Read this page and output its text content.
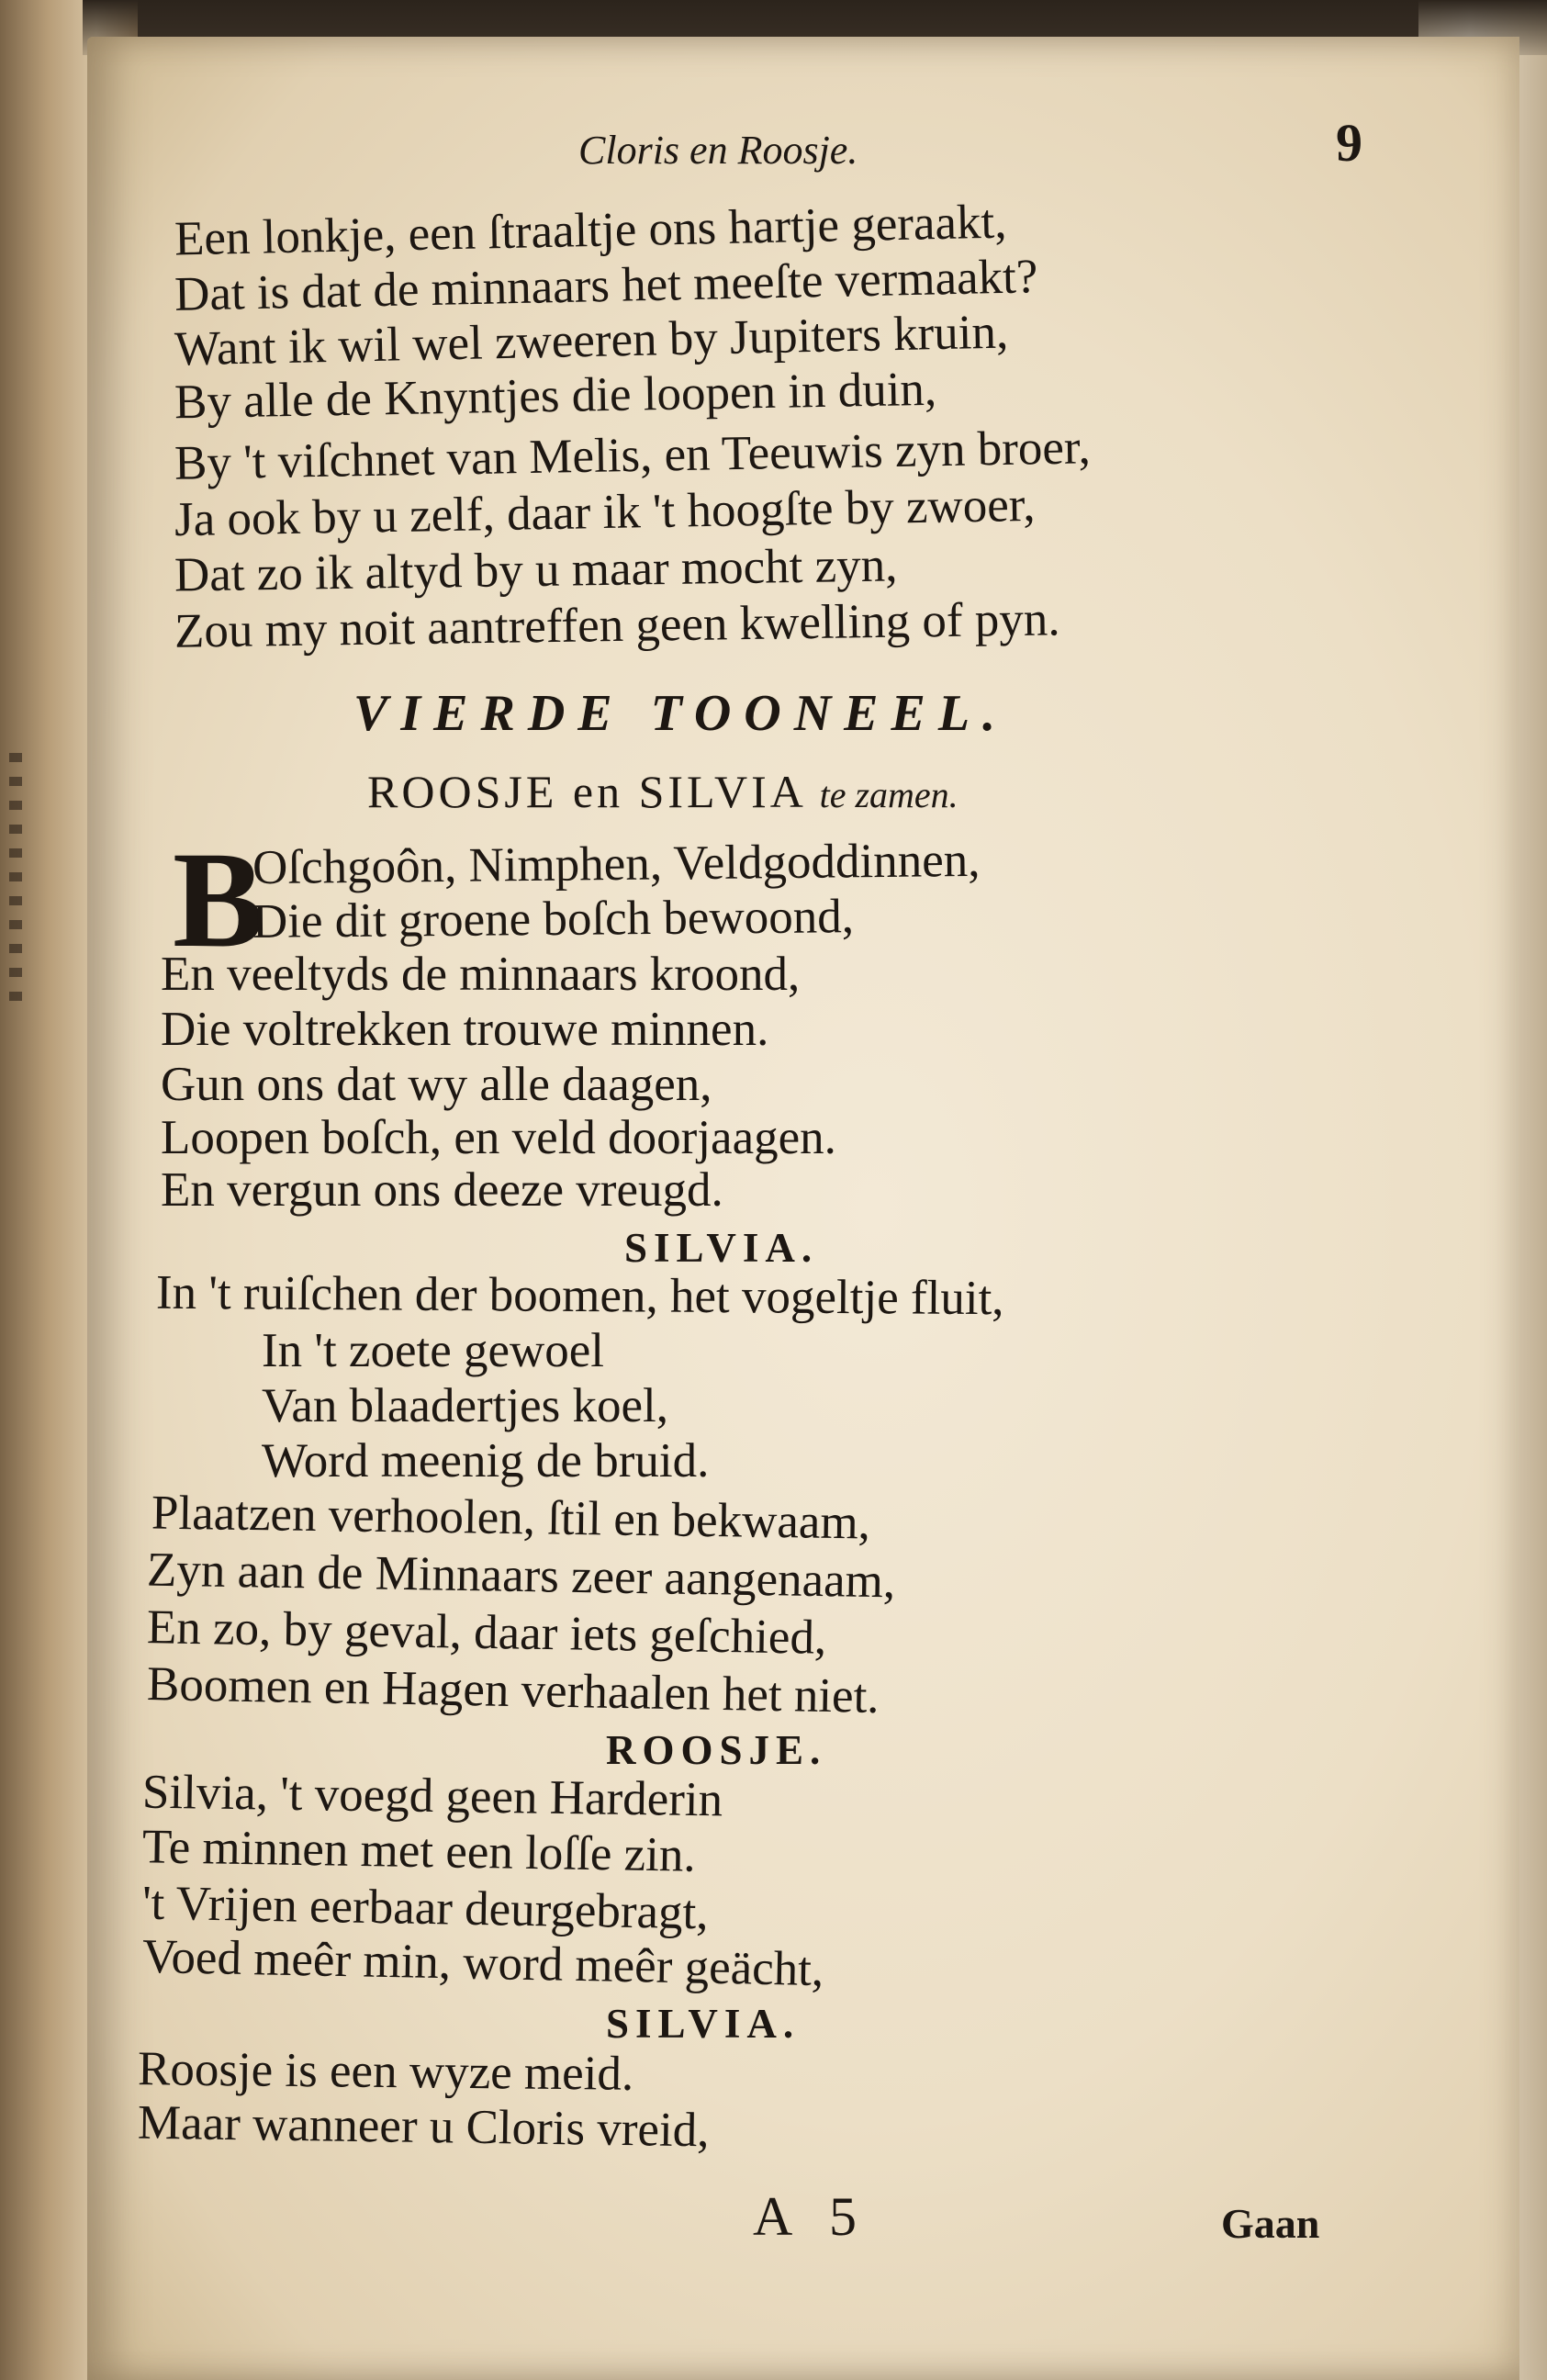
Cloris en Roosje.	9
Een lonkje, een ſtraaltje ons hartje geraakt,
Dat is dat de minnaars het meeſte vermaakt?
Want ik wil wel zweeren by Jupiters kruin,
By alle de Knyntjes die loopen in duin,
By 't viſchnet van Melis, en Teeuwis zyn broer,
Ja ook by u zelf, daar ik 't hoogſte by zwoer,
Dat zo ik altyd by u maar mocht zyn,
Zou my noit aantreffen geen kwelling of pyn.
VIERDE TOONEEL.
ROOSJE en SILVIA te zamen.
B
Oſchgoôn, Nimphen, Veldgoddinnen,
Die dit groene boſch bewoond,
En veeltyds de minnaars kroond,
Die voltrekken trouwe minnen.
Gun ons dat wy alle daagen,
Loopen boſch, en veld doorjaagen.
En vergun ons deeze vreugd.
SILVIA.
In 't ruiſchen der boomen, het vogeltje fluit,
In 't zoete gewoel
Van blaadertjes koel,
Word meenig de bruid.
Plaatzen verhoolen, ſtil en bekwaam,
Zyn aan de Minnaars zeer aangenaam,
En zo, by geval, daar iets geſchied,
Boomen en Hagen verhaalen het niet.
ROOSJE.
Silvia, 't voegd geen Harderin
Te minnen met een loſſe zin.
't Vrijen eerbaar deurgebragt,
Voed meêr min, word meêr geächt,
SILVIA.
Roosje is een wyze meid.
Maar wanneer u Cloris vreid,
A 5	Gaan
